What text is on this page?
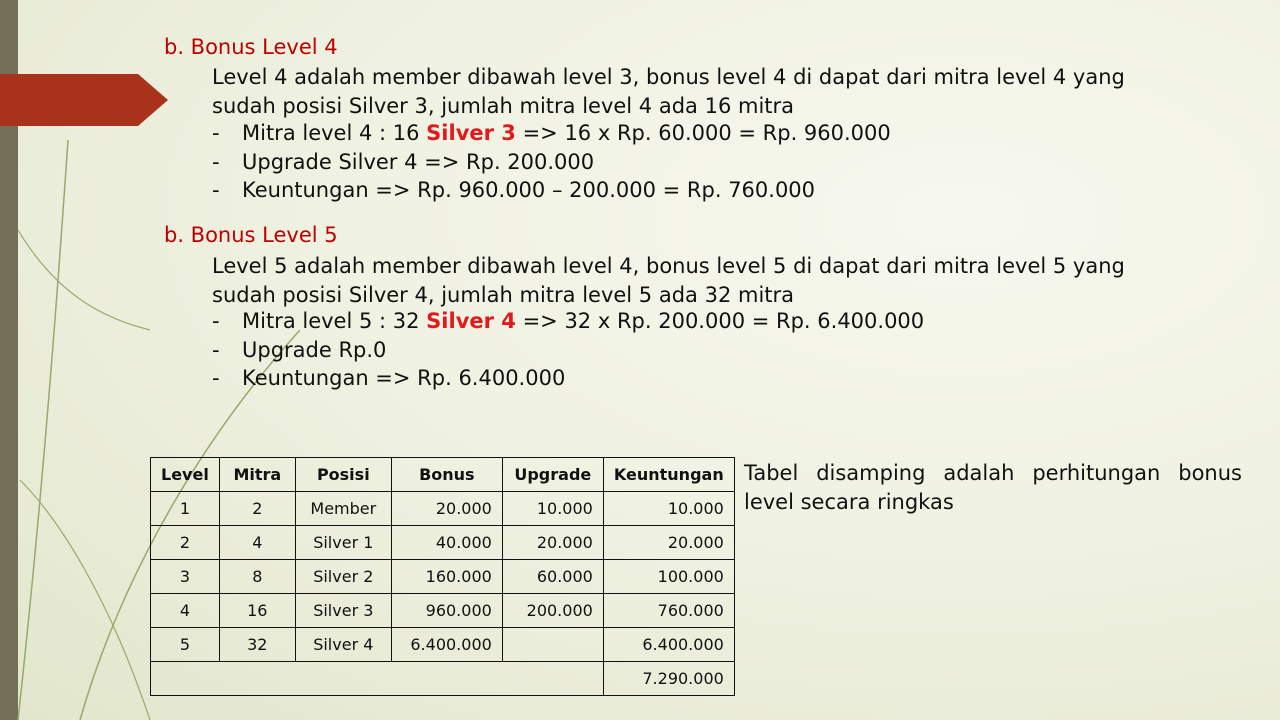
b. Bonus Level 4
Level 4 adalah member dibawah level 3, bonus level 4 di dapat dari mitra level 4 yang
sudah posisi Silver 3, jumlah mitra level 4 ada 16 mitra
- Mitra level 4 : 16 Silver 3 => 16 x Rp. 60.000 = Rp. 960.000
- Upgrade Silver 4 => Rp. 200.000
- Keuntungan => Rp. 960.000 – 200.000 = Rp. 760.000
b. Bonus Level 5
Level 5 adalah member dibawah level 4, bonus level 5 di dapat dari mitra level 5 yang
sudah posisi Silver 4, jumlah mitra level 5 ada 32 mitra
- Mitra level 5 : 32 Silver 4 => 32 x Rp. 200.000 = Rp. 6.400.000
- Upgrade Rp.0
- Keuntungan => Rp. 6.400.000
Level	Mitra	Posisi	Bonus	Upgrade	Keuntungan
1	2	Member	20.000	10.000	10.000
2	4	Silver 1	40.000	20.000	20.000
3	8	Silver 2	160.000	60.000	100.000
4	16	Silver 3	960.000	200.000	760.000
5	32	Silver 4	6.400.000		6.400.000
					7.290.000
Tabel disamping adalah perhitungan bonus level secara ringkas
